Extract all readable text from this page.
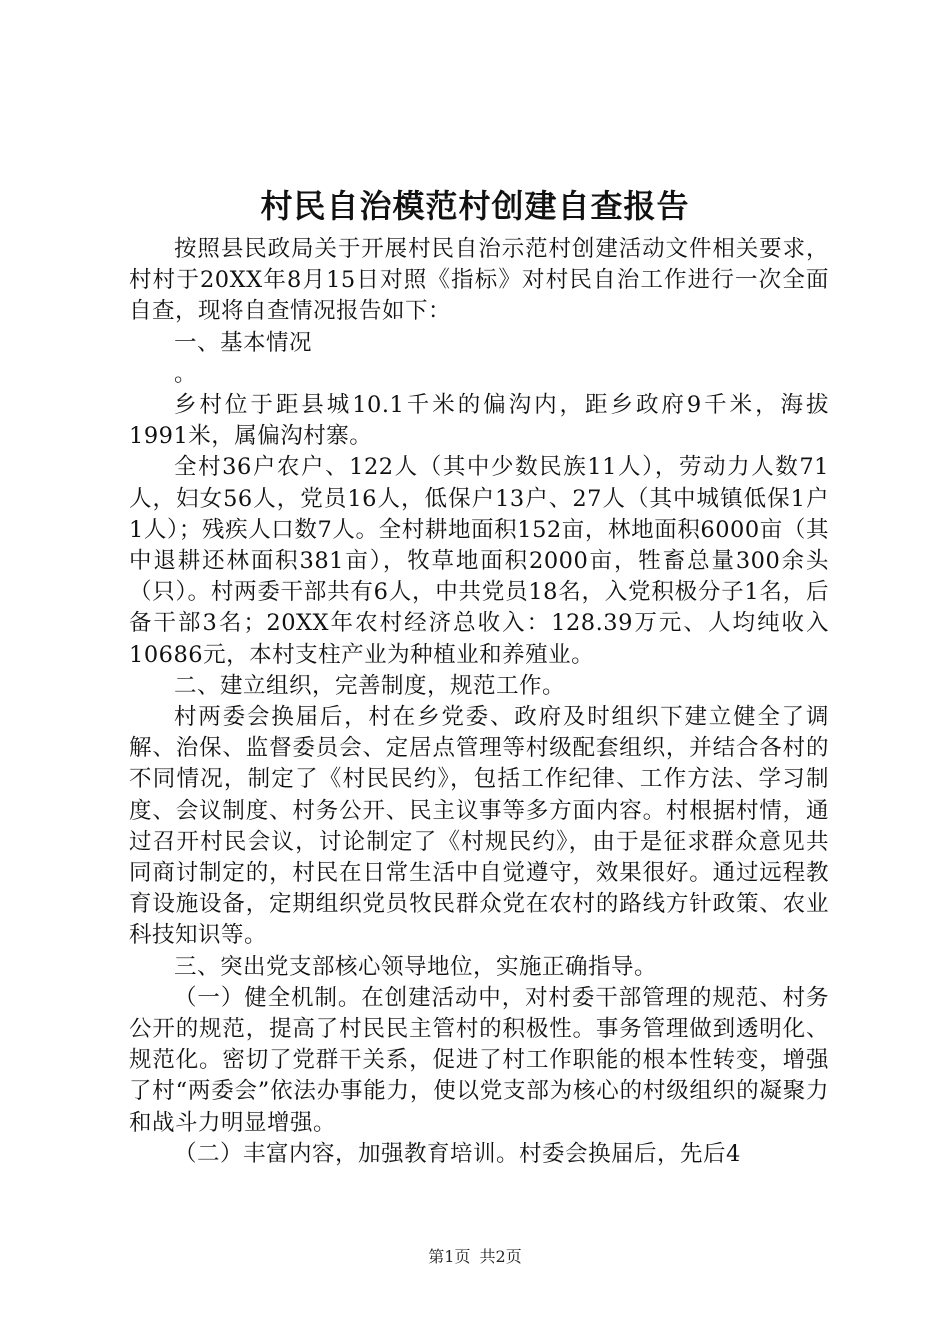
村民自治模范村创建自查报告

按照县民政局关于开展村民自治示范村创建活动文件相关要求，村村于20XX年8月15日对照《指标》对村民自治工作进行一次全面自查，现将自查情况报告如下：

一、基本情况

。

乡村位于距县城10.1千米的偏沟内，距乡政府9千米，海拔1991米，属偏沟村寨。

全村36户农户、122人（其中少数民族11人），劳动力人数71人，妇女56人，党员16人，低保户13户、27人（其中城镇低保1户1人）；残疾人口数7人。全村耕地面积152亩，林地面积6000亩（其中退耕还林面积381亩），牧草地面积2000亩，牲畜总量300余头（只）。村两委干部共有6人，中共党员18名，入党积极分子1名，后备干部3名；20XX年农村经济总收入：128.39万元、人均纯收入10686元，本村支柱产业为种植业和养殖业。

二、建立组织，完善制度，规范工作。

村两委会换届后，村在乡党委、政府及时组织下建立健全了调解、治保、监督委员会、定居点管理等村级配套组织，并结合各村的不同情况，制定了《村民民约》，包括工作纪律、工作方法、学习制度、会议制度、村务公开、民主议事等多方面内容。村根据村情，通过召开村民会议，讨论制定了《村规民约》，由于是征求群众意见共同商讨制定的，村民在日常生活中自觉遵守，效果很好。通过远程教育设施设备，定期组织党员牧民群众党在农村的路线方针政策、农业科技知识等。

三、突出党支部核心领导地位，实施正确指导。

（一）健全机制。在创建活动中，对村委干部管理的规范、村务公开的规范，提高了村民民主管村的积极性。事务管理做到透明化、规范化。密切了党群干关系，促进了村工作职能的根本性转变，增强了村“两委会”依法办事能力，使以党支部为核心的村级组织的凝聚力和战斗力明显增强。

（二）丰富内容，加强教育培训。村委会换届后，先后4

第1页 共2页
